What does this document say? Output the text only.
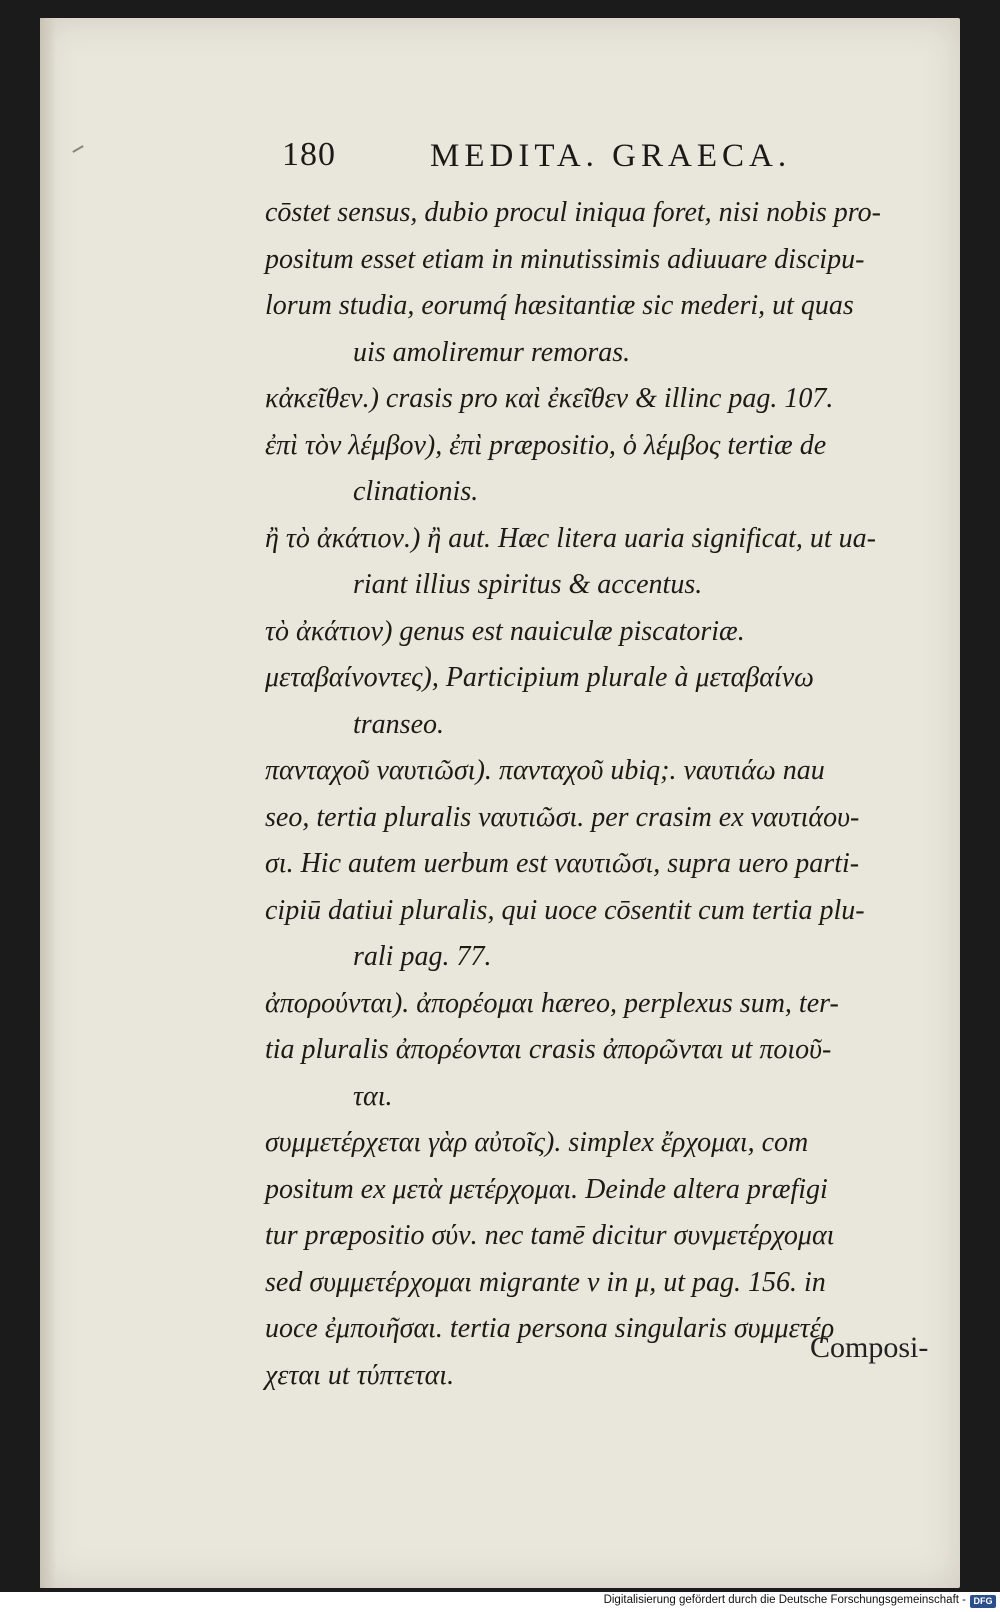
180	MEDITA. GRAECA.
cōstet sensus, dubio procul iniqua foret, nisi nobis pro-
positum esset etiam in minutissimis adiuuare discipu-
lorum studia, eorumq́ hæsitantiæ sic mederi, ut quas
uis amoliremur remoras.
κἀκεῖθεν.) crasis pro καὶ ἐκεῖθεν & illinc pag. 107.
ἐπὶ τὸν λέμβον), ἐπὶ præpositio, ὁ λέμβος tertiæ de
clinationis.
ἢ τὸ ἀκάτιον.) ἢ aut. Hæc litera uaria significat, ut ua-
riant illius spiritus & accentus.
τὸ ἀκάτιον) genus est nauiculæ piscatoriæ.
μεταβαίνοντες), Participium plurale à μεταβαίνω
transeo.
πανταχοῦ ναυτιῶσι). πανταχοῦ ubiq;. ναυτιάω nau
seo, tertia pluralis ναυτιῶσι. per crasim ex ναυτιάου-
σι. Hic autem uerbum est ναυτιῶσι, supra uero parti-
cipiū datiui pluralis, qui uoce cōsentit cum tertia plu-
rali pag. 77.
ἀπορούνται). ἀπορέομαι hæreo, perplexus sum, ter-
tia pluralis ἀπορέονται crasis ἀπορῶνται ut ποιοῦ-
ται.
συμμετέρχεται γὰρ αὐτοῖς). simplex ἔρχομαι, com
positum ex μετὰ μετέρχομαι. Deinde altera præfigi
tur præpositio σύν. nec tamē dicitur συνμετέρχομαι
sed συμμετέρχομαι migrante ν in μ, ut pag. 156. in
uoce ἐμποιῆσαι. tertia persona singularis συμμετέρ
χεται ut τύπτεται.
Composi-
Digitalisierung gefördert durch die Deutsche Forschungsgemeinschaft - DFG
